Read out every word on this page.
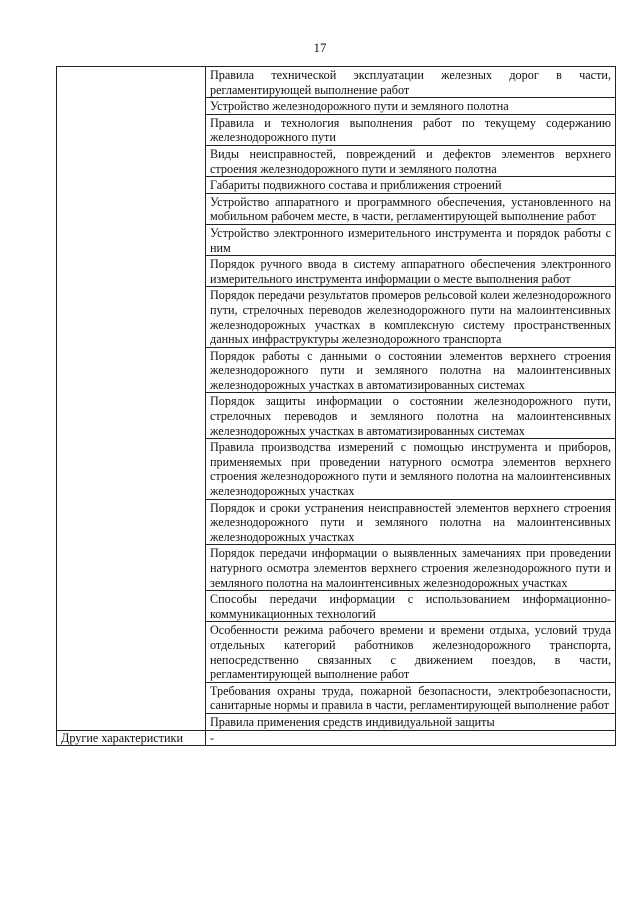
17
	Правила технической эксплуатации железных дорог в части, регламентирующей выполнение работ
	Устройство железнодорожного пути и земляного полотна
	Правила и технология выполнения работ по текущему содержанию железнодорожного пути
	Виды неисправностей, повреждений и дефектов элементов верхнего строения железнодорожного пути и земляного полотна
	Габариты подвижного состава и приближения строений
	Устройство аппаратного и программного обеспечения, установленного на мобильном рабочем месте, в части, регламентирующей выполнение работ
	Устройство электронного измерительного инструмента и порядок работы с ним
	Порядок ручного ввода в систему аппаратного обеспечения электронного измерительного инструмента информации о месте выполнения работ
	Порядок передачи результатов промеров рельсовой колеи железнодорожного пути, стрелочных переводов железнодорожного пути на малоинтенсивных железнодорожных участках в комплексную систему пространственных данных инфраструктуры железнодорожного транспорта
	Порядок работы с данными о состоянии элементов верхнего строения железнодорожного пути и земляного полотна на малоинтенсивных железнодорожных участках в автоматизированных системах
	Порядок защиты информации о состоянии железнодорожного пути, стрелочных переводов и земляного полотна на малоинтенсивных железнодорожных участках в автоматизированных системах
	Правила производства измерений с помощью инструмента и приборов, применяемых при проведении натурного осмотра элементов верхнего строения железнодорожного пути и земляного полотна на малоинтенсивных железнодорожных участках
	Порядок и сроки устранения неисправностей элементов верхнего строения железнодорожного пути и земляного полотна на малоинтенсивных железнодорожных участках
	Порядок передачи информации о выявленных замечаниях при проведении натурного осмотра элементов верхнего строения железнодорожного пути и земляного полотна на малоинтенсивных железнодорожных участках
	Способы передачи информации с использованием информационно-коммуникационных технологий
	Особенности режима рабочего времени и времени отдыха, условий труда отдельных категорий работников железнодорожного транспорта, непосредственно связанных с движением поездов, в части, регламентирующей выполнение работ
	Требования охраны труда, пожарной безопасности, электробезопасности, санитарные нормы и правила в части, регламентирующей выполнение работ
	Правила применения средств индивидуальной защиты
Другие характеристики	-
